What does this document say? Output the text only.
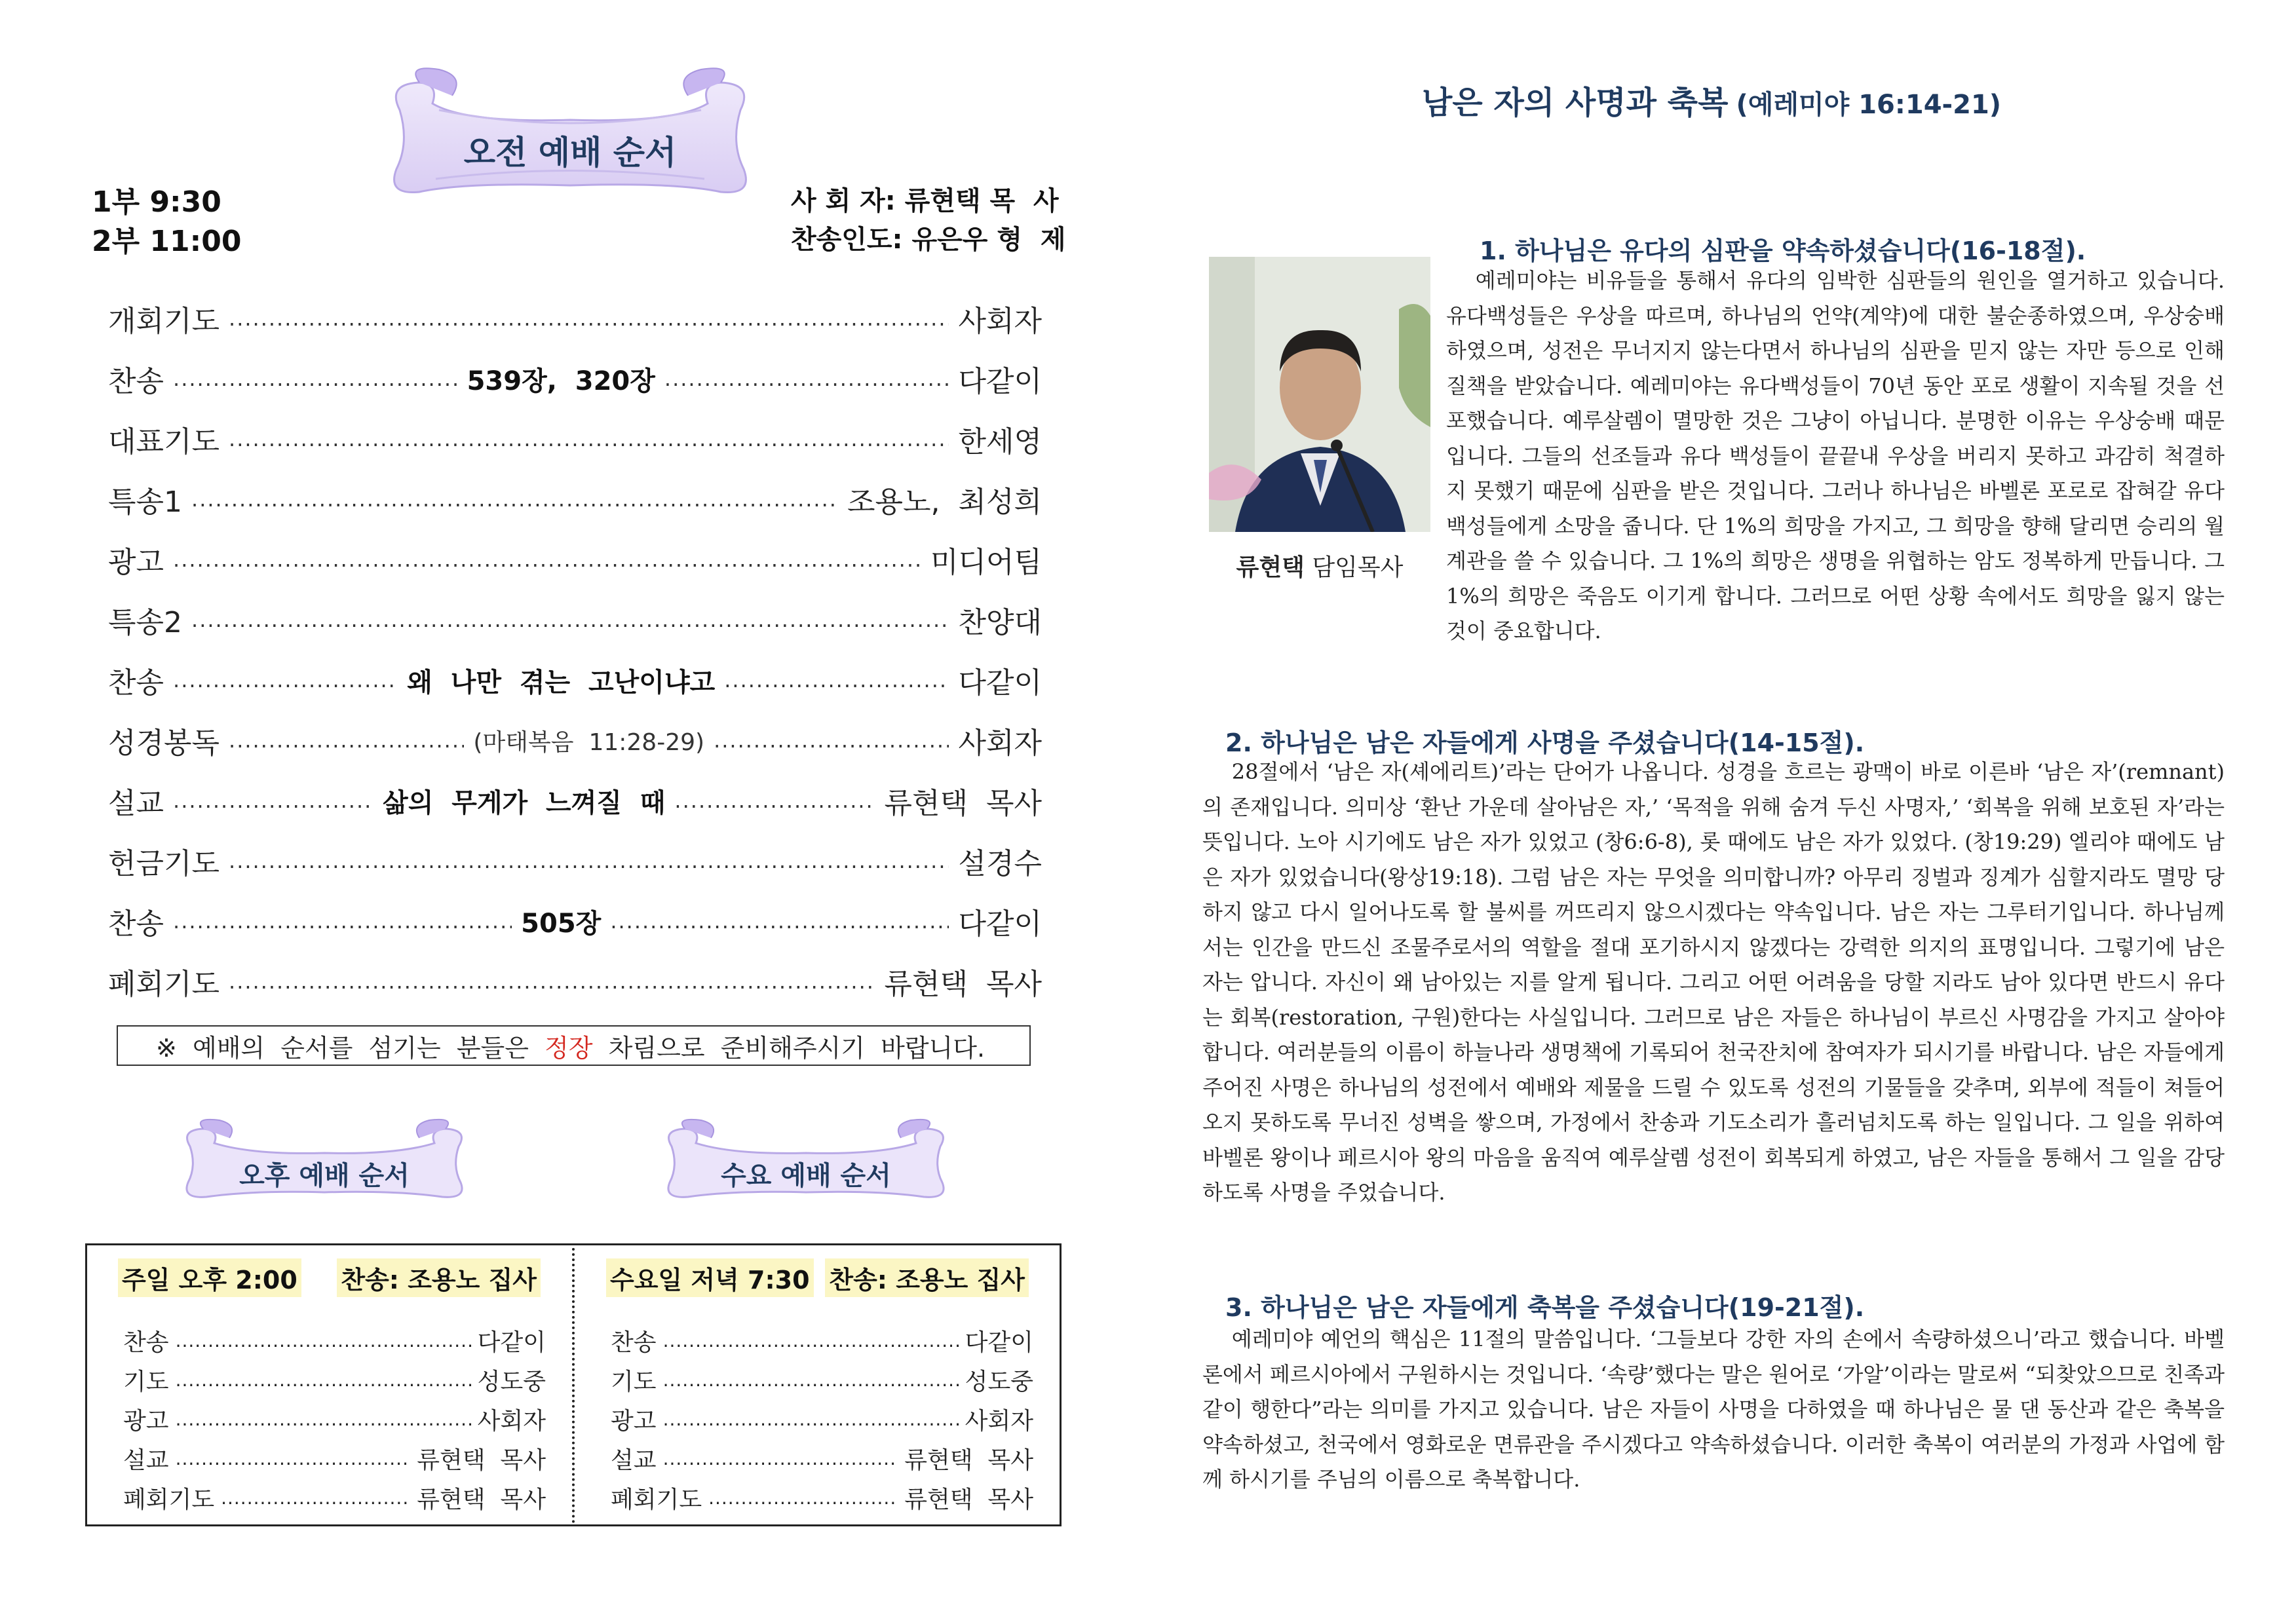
오전 예배 순서
1부 9:30
2부 11:00
사 회 자: 류현택 목  사
찬송인도: 유은우 형  제
개회기도 .....	사회자
찬송 .....	539장,  320장 .....	다같이
대표기도 .....	한세영
특송1 .....	조용노,  최성희
광고 .....	미디어팀
특송2 .....	찬양대
찬송 .....	왜  나만  겪는  고난이냐고 .....	다같이
성경봉독 .....	(마태복음  11:28-29) .....	사회자
설교 .....	삶의  무게가  느껴질  때 .....	류현택  목사
헌금기도 .....	설경수
찬송 .....	505장 .....	다같이
폐회기도 .....	류현택  목사
※  예배의  순서를  섬기는  분들은 정장 차림으로  준비해주시기  바랍니다.
오후 예배 순서	수요 예배 순서
주일 오후 2:00 찬송: 조용노 집사	수요일 저녁 7:30 찬송: 조용노 집사
찬송 .....	다같이
기도 .....	성도중
광고 .....	사회자
설교 .....	류현택  목사
폐회기도 .....	류현택  목사
찬송 .....	다같이
기도 .....	성도중
광고 .....	사회자
설교 .....	류현택  목사
폐회기도 .....	류현택  목사
남은 자의 사명과 축복 (예레미야 16:14-21)
1. 하나님은 유다의 심판을 약속하셨습니다(16-18절).
류현택 담임목사

예레미야는 비유들을 통해서 유다의 임박한 심판들의 원인을 열거하고 있습니다. 유다백성들은 우상을 따르며, 하나님의 언약(계약)에 대한 불순종하였으며, 우상숭배하였으며, 성전은 무너지지 않는다면서 하나님의 심판을 믿지 않는 자만 등으로 인해 질책을 받았습니다. 예레미야는 유다백성들이 70년 동안 포로 생활이 지속될 것을 선포했습니다. 예루살렘이 멸망한 것은 그냥이 아닙니다. 분명한 이유는 우상숭배 때문입니다. 그들의 선조들과 유다 백성들이 끝끝내 우상을 버리지 못하고 과감히 척결하지 못했기 때문에 심판을 받은 것입니다. 그러나 하나님은 바벨론 포로로 잡혀갈 유다백성들에게 소망을 줍니다. 단 1%의 희망을 가지고, 그 희망을 향해 달리면 승리의 월계관을 쓸 수 있습니다. 그 1%의 희망은 생명을 위협하는 암도 정복하게 만듭니다. 그 1%의 희망은 죽음도 이기게 합니다. 그러므로 어떤 상황 속에서도 희망을 잃지 않는 것이 중요합니다.

2. 하나님은 남은 자들에게 사명을 주셨습니다(14-15절).

28절에서 ‘남은 자(셰에리트)’라는 단어가 나옵니다. 성경을 흐르는 광맥이 바로 이른바 ‘남은 자’(remnant)의 존재입니다. 의미상 ‘환난 가운데 살아남은 자,’ ‘목적을 위해 숨겨 두신 사명자,’ ‘회복을 위해 보호된 자’라는 뜻입니다. 노아 시기에도 남은 자가 있었고 (창6:6-8), 롯 때에도 남은 자가 있었다. (창19:29) 엘리야 때에도 남은 자가 있었습니다(왕상19:18). 그럼 남은 자는 무엇을 의미합니까? 아무리 징벌과 징계가 심할지라도 멸망 당하지 않고 다시 일어나도록 할 불씨를 꺼뜨리지 않으시겠다는 약속입니다. 남은 자는 그루터기입니다. 하나님께서는 인간을 만드신 조물주로서의 역할을 절대 포기하시지 않겠다는 강력한 의지의 표명입니다. 그렇기에 남은 자는 압니다. 자신이 왜 남아있는 지를 알게 됩니다. 그리고 어떤 어려움을 당할 지라도 남아 있다면 반드시 유다는 회복(restoration, 구원)한다는 사실입니다. 그러므로 남은 자들은 하나님이 부르신 사명감을 가지고 살아야 합니다. 여러분들의 이름이 하늘나라 생명책에 기록되어 천국잔치에 참여자가 되시기를 바랍니다. 남은 자들에게 주어진 사명은 하나님의 성전에서 예배와 제물을 드릴 수 있도록 성전의 기물들을 갖추며, 외부에 적들이 쳐들어오지 못하도록 무너진 성벽을 쌓으며, 가정에서 찬송과 기도소리가 흘러넘치도록 하는 일입니다. 그 일을 위하여 바벨론 왕이나 페르시아 왕의 마음을 움직여 예루살렘 성전이 회복되게 하였고, 남은 자들을 통해서 그 일을 감당하도록 사명을 주었습니다.

3. 하나님은 남은 자들에게 축복을 주셨습니다(19-21절).

예레미야 예언의 핵심은 11절의 말씀입니다. ‘그들보다 강한 자의 손에서 속량하셨으니’라고 했습니다. 바벨론에서 페르시아에서 구원하시는 것입니다. ‘속량’했다는 말은 원어로 ‘가알’이라는 말로써 “되찾았으므로 친족과 같이 행한다”라는 의미를 가지고 있습니다. 남은 자들이 사명을 다하였을 때 하나님은 물 댄 동산과 같은 축복을 약속하셨고, 천국에서 영화로운 면류관을 주시겠다고 약속하셨습니다. 이러한 축복이 여러분의 가정과 사업에 함께 하시기를 주님의 이름으로 축복합니다.
